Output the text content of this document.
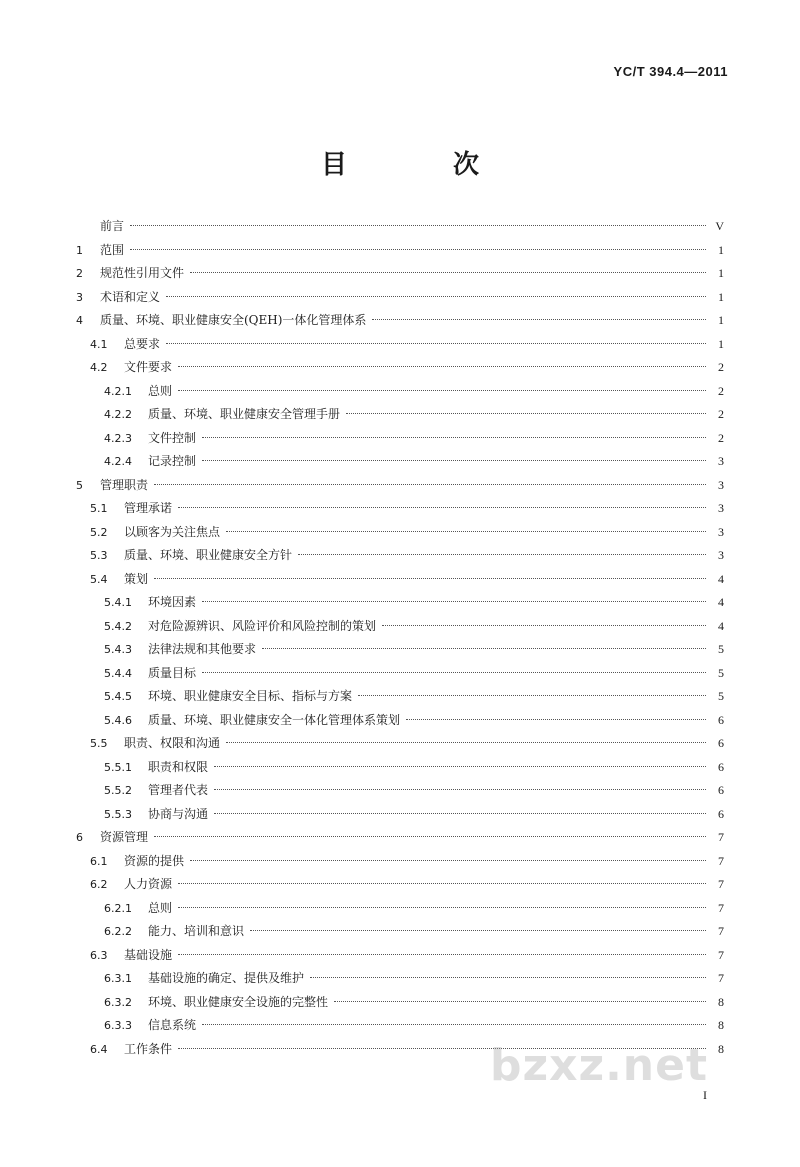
YC/T 394.4—2011
目　次
前言	V
1	范围	1
2	规范性引用文件	1
3	术语和定义	1
4	质量、环境、职业健康安全(QEH)一体化管理体系	1
4.1	总要求	1
4.2	文件要求	2
4.2.1	总则	2
4.2.2	质量、环境、职业健康安全管理手册	2
4.2.3	文件控制	2
4.2.4	记录控制	3
5	管理职责	3
5.1	管理承诺	3
5.2	以顾客为关注焦点	3
5.3	质量、环境、职业健康安全方针	3
5.4	策划	4
5.4.1	环境因素	4
5.4.2	对危险源辨识、风险评价和风险控制的策划	4
5.4.3	法律法规和其他要求	5
5.4.4	质量目标	5
5.4.5	环境、职业健康安全目标、指标与方案	5
5.4.6	质量、环境、职业健康安全一体化管理体系策划	6
5.5	职责、权限和沟通	6
5.5.1	职责和权限	6
5.5.2	管理者代表	6
5.5.3	协商与沟通	6
6	资源管理	7
6.1	资源的提供	7
6.2	人力资源	7
6.2.1	总则	7
6.2.2	能力、培训和意识	7
6.3	基础设施	7
6.3.1	基础设施的确定、提供及维护	7
6.3.2	环境、职业健康安全设施的完整性	8
6.3.3	信息系统	8
6.4	工作条件	8
bzxz.net
I
